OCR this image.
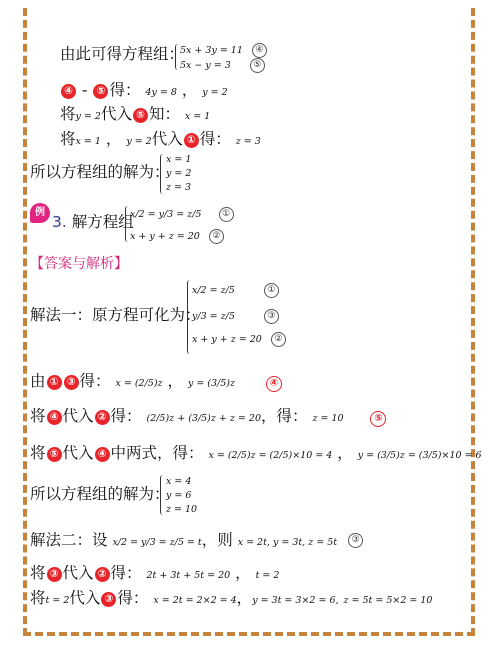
由此可得方程组：
5x + 3y = 11 ④
5x − y = 3 ⑤
④ - ⑤ 得： 4y = 8 ， y = 2
将y = 2代入 ⑤ 知： x = 1
将x = 1 ， y = 2代入 ① 得： z = 3
所以方程组的解为：
x = 1
y = 2
z = 3
例
3. 解方程组
x/2 = y/3 = z/5 ①
x + y + z = 20 ②
【答案与解析】
解法一：原方程可化为：
x/2 = z/5	①
y/3 = z/5	③
x + y + z = 20 ②
由 ① ③ 得： x = (2/5)z ， y = (3/5)z	④
将 ④ 代入 ② 得： (2/5)z + (3/5)z + z = 20，得： z = 10	⑤
将 ⑤ 代入 ④ 中两式，得： x = (2/5)z = (2/5)×10 = 4 ， y = (3/5)z = (3/5)×10 = 6
所以方程组的解为：
x = 4
y = 6
z = 10
解法二：设 x/2 = y/3 = z/5 = t，则 x = 2t, y = 3t, z = 5t ③
将 ③ 代入 ② 得： 2t + 3t + 5t = 20 ， t = 2
将t = 2代入 ③ 得： x = 2t = 2×2 = 4，y = 3t = 3×2 = 6, z = 5t = 5×2 = 10
